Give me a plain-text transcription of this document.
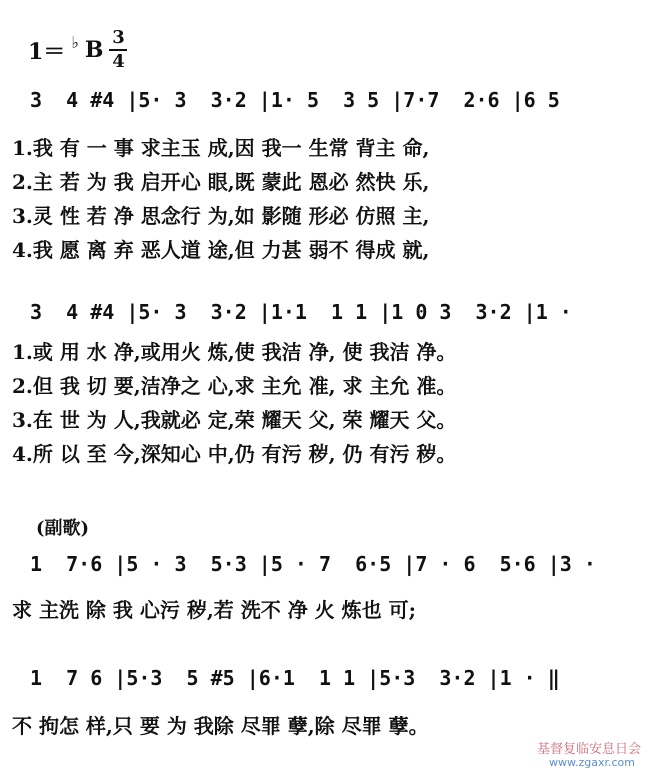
1＝ ♭ B 3
4
3  4 #4 |5· 3  3·2 |1· 5  3 5 |7·7  2·6 |6 5
1.我 有 一 事 求主玉 成,因 我一 生常 背主 命,
2.主 若 为 我 启开心 眼,既 蒙此 恩必 然快 乐,
3.灵 性 若 净 思念行 为,如 影随 形必 仿照 主,
4.我 愿 离 弃 恶人道 途,但 力甚 弱不 得成 就,
3  4 #4 |5· 3  3·2 |1·1  1 1 |1 0 3  3·2 |1 ·
1.或 用 水 净,或用火 炼,使 我洁 净, 使 我洁 净。
2.但 我 切 要,洁净之 心,求 主允 准, 求 主允 准。
3.在 世 为 人,我就必 定,荣 耀天 父, 荣 耀天 父。
4.所 以 至 今,深知心 中,仍 有污 秽, 仍 有污 秽。
(副歌)
1  7·6 |5 · 3  5·3 |5 · 7  6·5 |7 · 6  5·6 |3 ·
求 主洗 除 我 心污 秽,若 洗不 净 火 炼也 可;
1  7 6 |5·3  5 #5 |6·1  1 1 |5·3  3·2 |1 · ‖
不 拘怎 样,只 要 为 我除 尽罪 孽,除 尽罪 孽。
基督复临安息日会
www.zgaxr.com
